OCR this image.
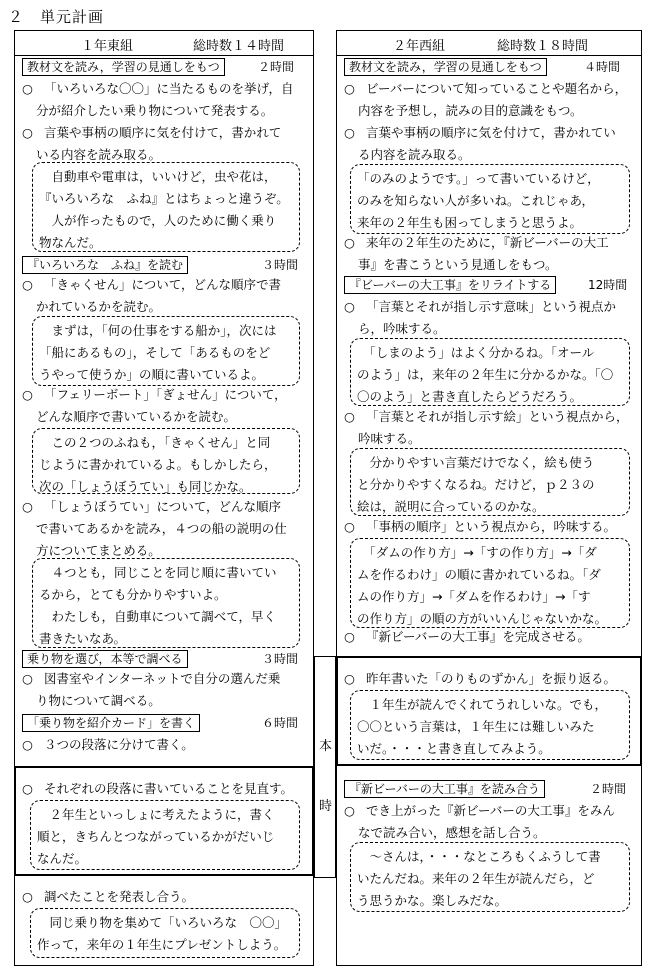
２　単元計画
１年東組	総時数１４時間
教材文を読み，学習の見通しをもつ	２時間
○ 「いろいろな〇〇」に当たるものを挙げ，自
分が紹介したい乗り物について発表する。
○ 言葉や事柄の順序に気を付けて，書かれて
いる内容を読み取る。
　自動車や電車は，いいけど，虫や花は，
『いろいろな　ふね』とはちょっと違うぞ。
　人が作ったもので，人のために働く乗り
物なんだ。
『いろいろな　ふね』を読む	３時間
○ 「きゃくせん」について，どんな順序で書
かれているかを読む。
　まずは，「何の仕事をする船か」，次には
「船にあるもの」，そして「あるものをど
うやって使うか」の順に書いているよ。
○ 「フェリーボート」「ぎょせん」について，
どんな順序で書いているかを読む。
　この２つのふねも，「きゃくせん」と同
じように書かれているよ。もしかしたら，
次の「しょうぼうてい」も同じかな。
○ 「しょうぼうてい」について，どんな順序
で書いてあるかを読み，４つの船の説明の仕
方についてまとめる。
　４つとも，同じことを同じ順に書いてい
るから，とても分かりやすいよ。
　わたしも，自動車について調べて，早く
書きたいなあ。
乗り物を選び，本等で調べる	３時間
○ 図書室やインターネットで自分の選んだ乗
り物について調べる。
「乗り物を紹介カード」を書く	６時間
○ ３つの段落に分けて書く。
○ それぞれの段落に書いていることを見直す。
　２年生といっしょに考えたように，書く
順と，きちんとつながっているかがだいじ
なんだ。
○ 調べたことを発表し合う。
　同じ乗り物を集めて「いろいろな　〇〇」
作って，来年の１年生にプレゼントしよう。
本
時
２年西組	総時数１８時間
教材文を読み，学習の見通しをもつ	４時間
○ ビーバーについて知っていることや題名から，
内容を予想し，読みの目的意識をもつ。
○ 言葉や事柄の順序に気を付けて，書かれてい
る内容を読み取る。
「のみのようです。」って書いているけど，
のみを知らない人が多いね。これじゃあ，
来年の２年生も困ってしまうと思うよ。
○ 来年の２年生のために，『新ビーバーの大工
事』を書こうという見通しをもつ。
『ビーバーの大工事』をリライトする	12時間
○ 「言葉とそれが指し示す意味」という視点か
ら，吟味する。
　「しまのよう」はよく分かるね。「オール
のよう」は，来年の２年生に分かるかな。「〇
〇のよう」と書き直したらどうだろう。
○ 「言葉とそれが指し示す絵」という視点から，
吟味する。
　分かりやすい言葉だけでなく，絵も使う
と分かりやすくなるね。だけど，ｐ２３の
絵は，説明に合っているのかな。
○ 「事柄の順序」という視点から，吟味する。
　「ダムの作り方」→「すの作り方」→「ダ
ムを作るわけ」の順に書かれているね。「ダ
ムの作り方」→「ダムを作るわけ」→「す
の作り方」の順の方がいいんじゃないかな。
○ 『新ビーバーの大工事』を完成させる。
○ 昨年書いた「のりものずかん」を振り返る。
　１年生が読んでくれてうれしいな。でも，
〇〇という言葉は，１年生には難しいみた
いだ。・・・と書き直してみよう。
『新ビーバーの大工事』を読み合う	２時間
○ でき上がった『新ビーバーの大工事』をみん
なで読み合い，感想を話し合う。
　～さんは，・・・なところもくふうして書
いたんだね。来年の２年生が読んだら，ど
う思うかな。楽しみだな。
